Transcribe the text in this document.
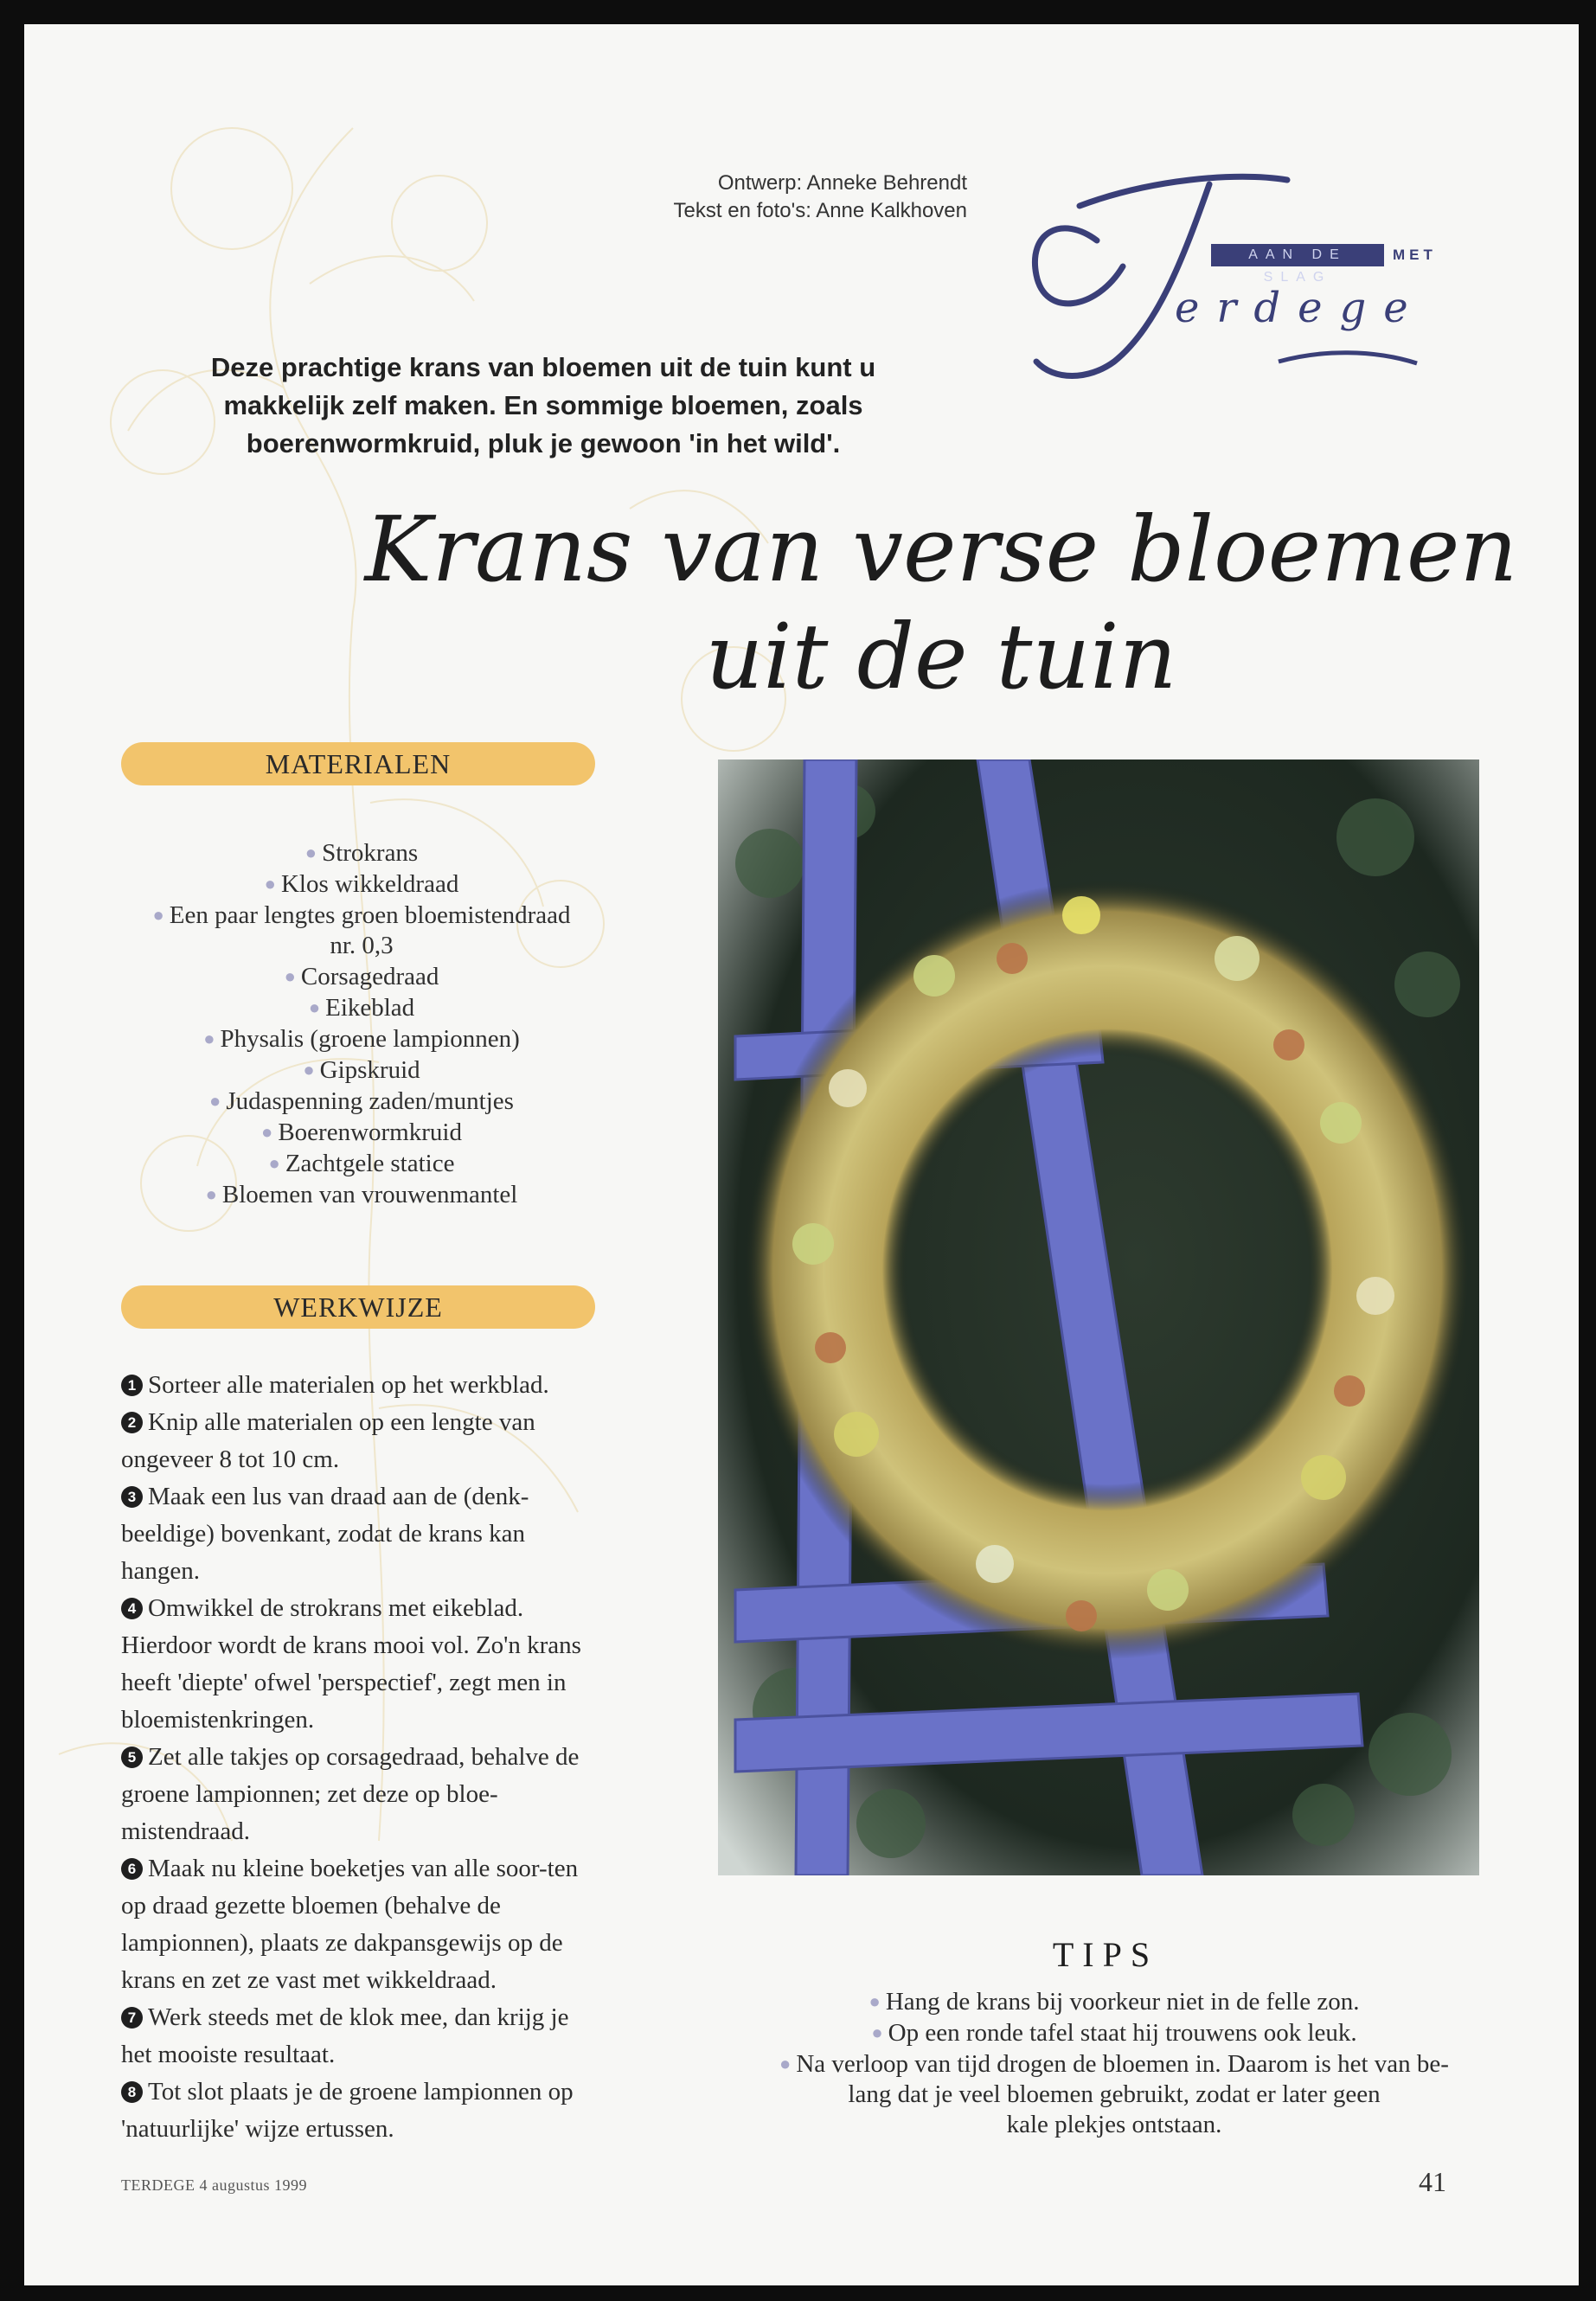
Ontwerp: Anneke Behrendt
Tekst en foto's: Anne Kalkhoven
AAN DE SLAG
MET
erdege
Deze prachtige krans van bloemen uit de tuin kunt u
makkelijk zelf maken. En sommige bloemen, zoals
boerenwormkruid, pluk je gewoon 'in het wild'.
Krans van verse bloemen
uit de tuin
MATERIALEN
● Strokrans
● Klos wikkeldraad
● Een paar lengtes groen bloemistendraad
nr. 0,3
● Corsagedraad
● Eikeblad
● Physalis (groene lampionnen)
● Gipskruid
● Judaspenning zaden/muntjes
● Boerenwormkruid
● Zachtgele statice
● Bloemen van vrouwenmantel
WERKWIJZE

1 Sorteer alle materialen op het werkblad.

2 Knip alle materialen op een lengte van ongeveer 8 tot 10 cm.

3 Maak een lus van draad aan de (denk-beeldige) bovenkant, zodat de krans kan hangen.

4 Omwikkel de strokrans met eikeblad. Hierdoor wordt de krans mooi vol. Zo'n krans heeft 'diepte' ofwel 'perspectief', zegt men in bloemistenkringen.

5 Zet alle takjes op corsagedraad, behalve de groene lampionnen; zet deze op bloe-mistendraad.

6 Maak nu kleine boeketjes van alle soor-ten op draad gezette bloemen (behalve de lampionnen), plaats ze dakpansgewijs op de krans en zet ze vast met wikkeldraad.

7 Werk steeds met de klok mee, dan krijg je het mooiste resultaat.

8 Tot slot plaats je de groene lampionnen op 'natuurlijke' wijze ertussen.

TIPS
● Hang de krans bij voorkeur niet in de felle zon.
● Op een ronde tafel staat hij trouwens ook leuk.
● Na verloop van tijd drogen de bloemen in. Daarom is het van be-
lang dat je veel bloemen gebruikt, zodat er later geen
kale plekjes ontstaan.
TERDEGE 4 augustus 1999	41
